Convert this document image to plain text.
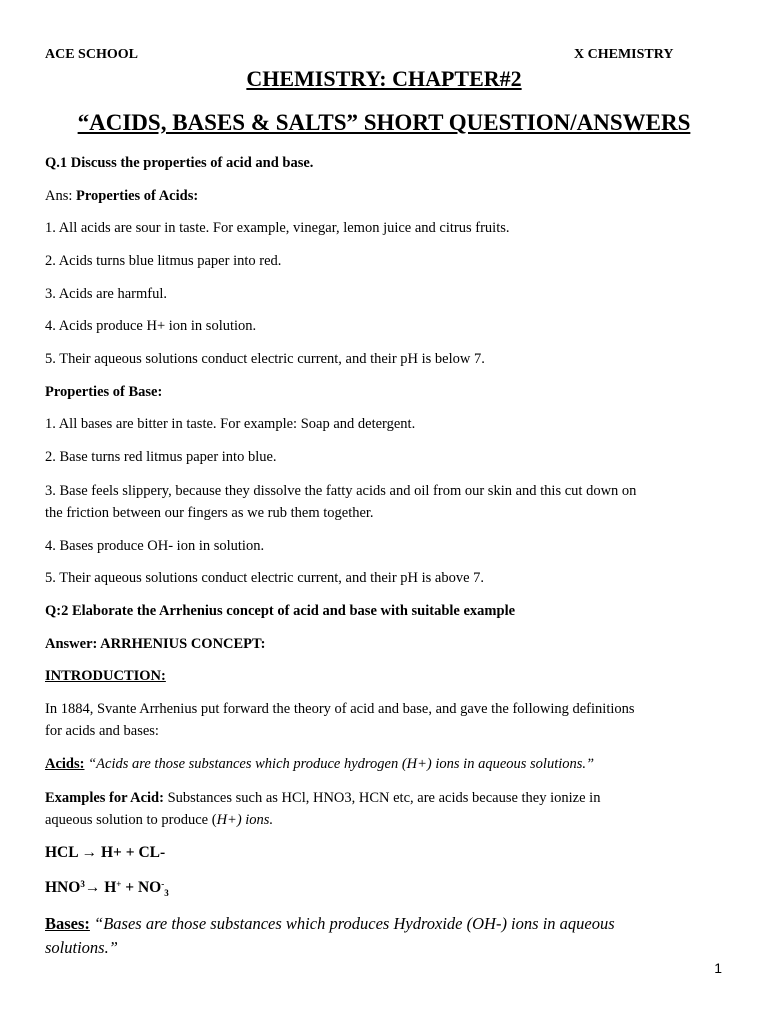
ACE SCHOOL	X CHEMISTRY
CHEMISTRY: CHAPTER#2
“ACIDS, BASES & SALTS” SHORT QUESTION/ANSWERS
Q.1 Discuss the properties of acid and base.
Ans: Properties of Acids:
1. All acids are sour in taste. For example, vinegar, lemon juice and citrus fruits.
2. Acids turns blue litmus paper into red.
3. Acids are harmful.
4. Acids produce H+ ion in solution.
5. Their aqueous solutions conduct electric current, and their pH is below 7.
Properties of Base:
1. All bases are bitter in taste. For example: Soap and detergent.
2. Base turns red litmus paper into blue.
3. Base feels slippery, because they dissolve the fatty acids and oil from our skin and this cut down on
the friction between our fingers as we rub them together.
4. Bases produce OH- ion in solution.
5. Their aqueous solutions conduct electric current, and their pH is above 7.
Q:2 Elaborate the Arrhenius concept of acid and base with suitable example
Answer: ARRHENIUS CONCEPT:
INTRODUCTION:
In 1884, Svante Arrhenius put forward the theory of acid and base, and gave the following definitions
for acids and bases:
Acids: “Acids are those substances which produce hydrogen (H+) ions in aqueous solutions.”
Examples for Acid: Substances such as HCl, HNO3, HCN etc, are acids because they ionize in
aqueous solution to produce (H+) ions.
HCL → H+ + CL-
$HNO^3\to H^+ + NO^-_3$
Bases: “Bases are those substances which produces Hydroxide (OH-) ions in aqueous
solutions.”
1
